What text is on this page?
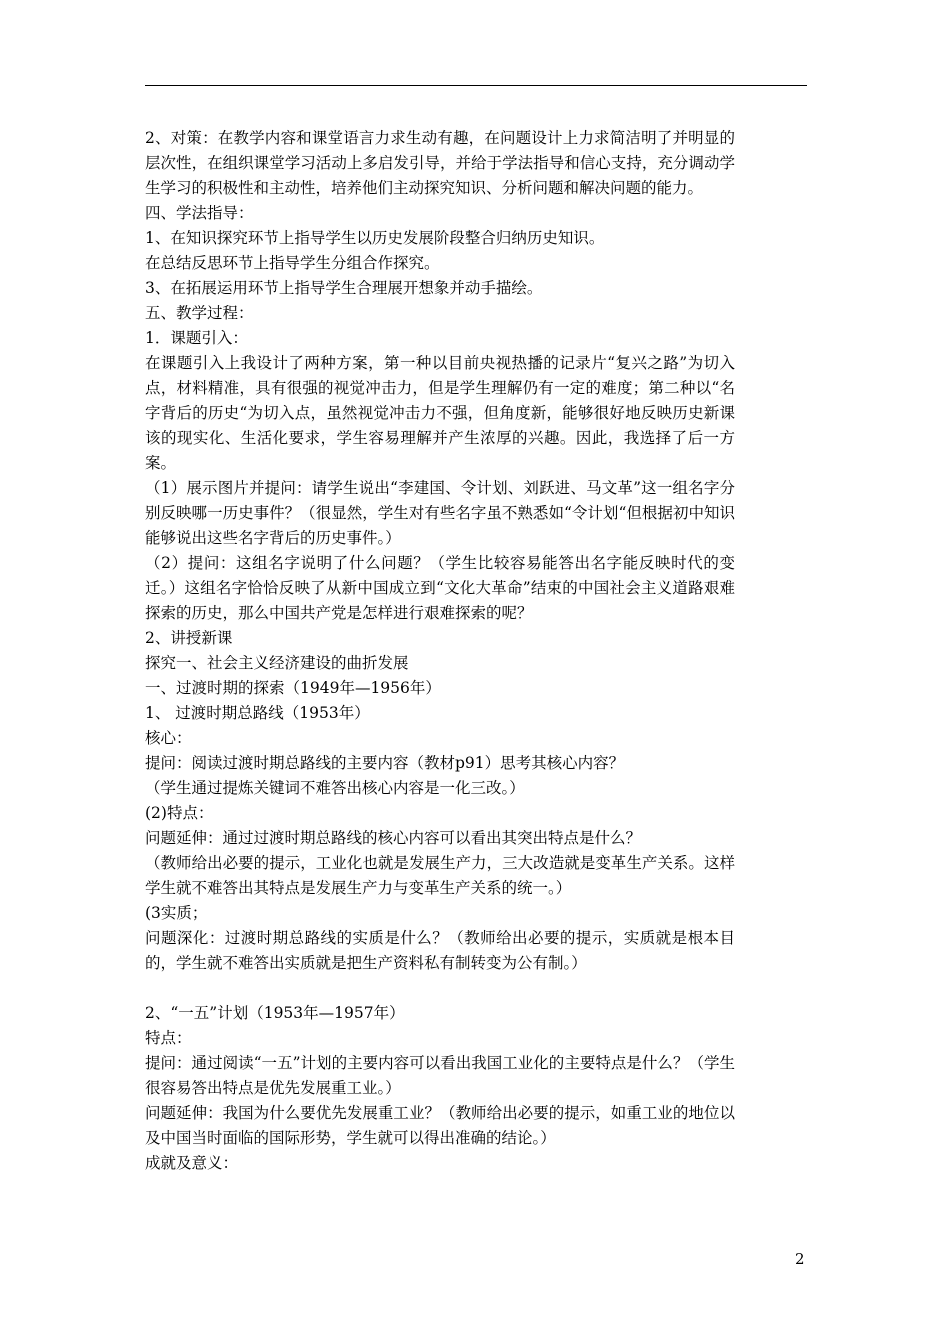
2、对策：在教学内容和课堂语言力求生动有趣，在问题设计上力求简洁明了并明显的层次性，在组织课堂学习活动上多启发引导，并给于学法指导和信心支持，充分调动学生学习的积极性和主动性，培养他们主动探究知识、分析问题和解决问题的能力。

四、学法指导：

1、在知识探究环节上指导学生以历史发展阶段整合归纳历史知识。

在总结反思环节上指导学生分组合作探究。

3、在拓展运用环节上指导学生合理展开想象并动手描绘。

五、教学过程：

1．课题引入：

在课题引入上我设计了两种方案，第一种以目前央视热播的记录片“复兴之路”为切入点，材料精准，具有很强的视觉冲击力，但是学生理解仍有一定的难度；第二种以“名字背后的历史“为切入点，虽然视觉冲击力不强，但角度新，能够很好地反映历史新课该的现实化、生活化要求，学生容易理解并产生浓厚的兴趣。因此，我选择了后一方案。

（1）展示图片并提问：请学生说出“李建国、令计划、刘跃进、马文革”这一组名字分别反映哪一历史事件？（很显然，学生对有些名字虽不熟悉如“令计划“但根据初中知识能够说出这些名字背后的历史事件。）

（2）提问：这组名字说明了什么问题？（学生比较容易能答出名字能反映时代的变迁。）这组名字恰恰反映了从新中国成立到“文化大革命”结束的中国社会主义道路艰难探索的历史，那么中国共产党是怎样进行艰难探索的呢？

2、讲授新课

探究一、社会主义经济建设的曲折发展

一、过渡时期的探索（1949年—1956年）

1、 过渡时期总路线（1953年）

核心：

提问：阅读过渡时期总路线的主要内容（教材p91）思考其核心内容？

（学生通过提炼关键词不难答出核心内容是一化三改。）

(2)特点：

问题延伸：通过过渡时期总路线的核心内容可以看出其突出特点是什么？

（教师给出必要的提示，工业化也就是发展生产力，三大改造就是变革生产关系。这样学生就不难答出其特点是发展生产力与变革生产关系的统一。）

(3实质；

问题深化：过渡时期总路线的实质是什么？（教师给出必要的提示，实质就是根本目的，学生就不难答出实质就是把生产资料私有制转变为公有制。）

2、“一五”计划（1953年—1957年）

特点：

提问：通过阅读“一五”计划的主要内容可以看出我国工业化的主要特点是什么？（学生很容易答出特点是优先发展重工业。）

问题延伸：我国为什么要优先发展重工业？（教师给出必要的提示，如重工业的地位以及中国当时面临的国际形势，学生就可以得出准确的结论。）

成就及意义：

2
